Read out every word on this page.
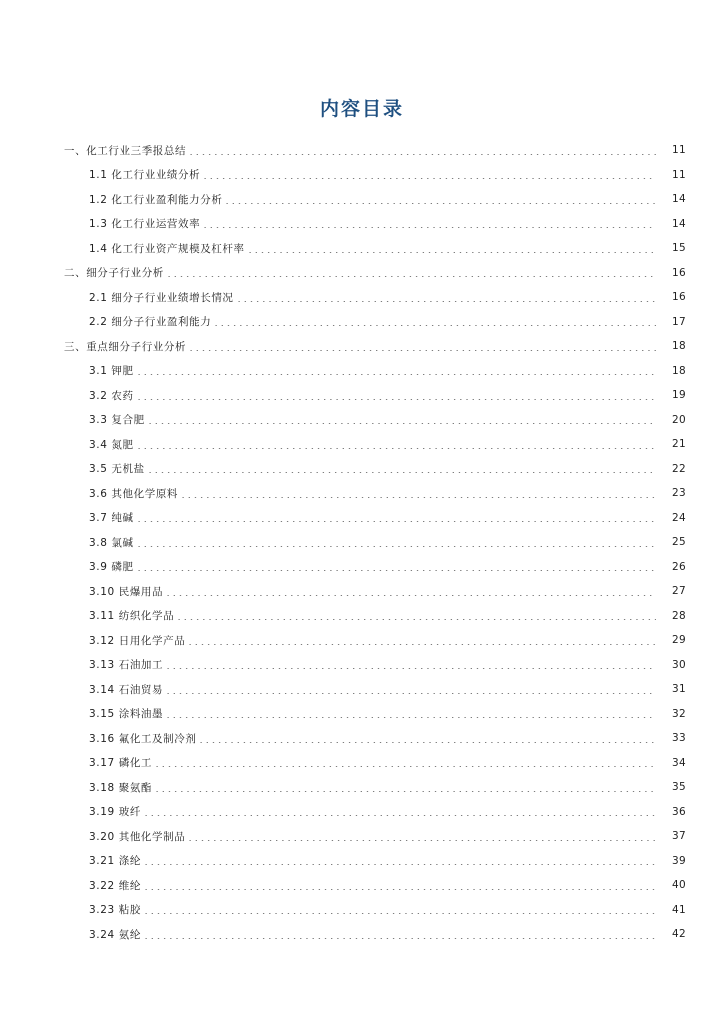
内容目录
一、化工行业三季报总结	11
1.1 化工行业业绩分析	11
1.2 化工行业盈利能力分析	14
1.3 化工行业运营效率	14
1.4 化工行业资产规模及杠杆率	15
二、细分子行业分析	16
2.1 细分子行业业绩增长情况	16
2.2 细分子行业盈利能力	17
三、重点细分子行业分析	18
3.1 钾肥	18
3.2 农药	19
3.3 复合肥	20
3.4 氮肥	21
3.5 无机盐	22
3.6 其他化学原料	23
3.7 纯碱	24
3.8 氯碱	25
3.9 磷肥	26
3.10 民爆用品	27
3.11 纺织化学品	28
3.12 日用化学产品	29
3.13 石油加工	30
3.14 石油贸易	31
3.15 涂料油墨	32
3.16 氟化工及制冷剂	33
3.17 磷化工	34
3.18 聚氨酯	35
3.19 玻纤	36
3.20 其他化学制品	37
3.21 涤纶	39
3.22 维纶	40
3.23 粘胶	41
3.24 氨纶	42
